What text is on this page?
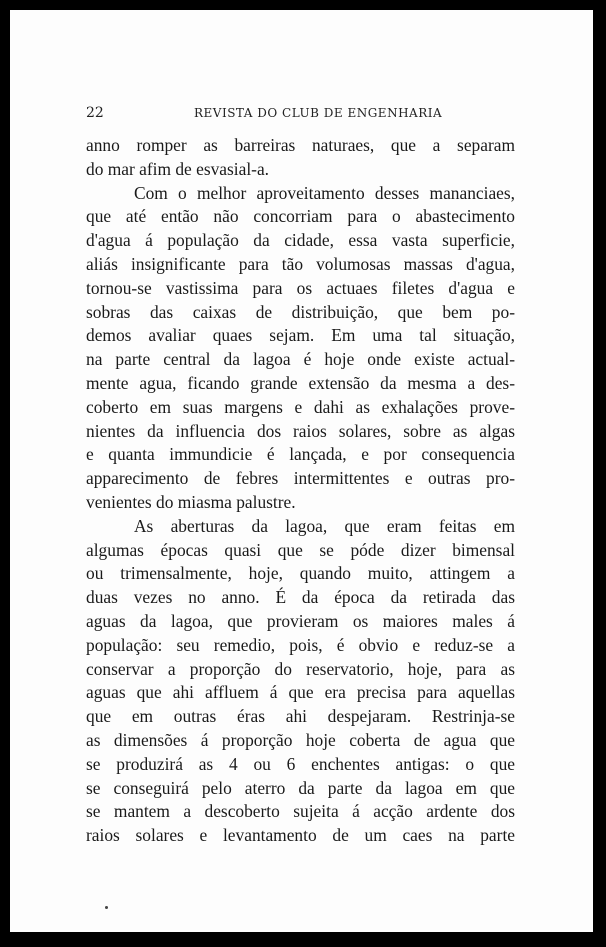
22	REVISTA DO CLUB DE ENGENHARIA
anno romper as barreiras naturaes, que a separam
do mar afim de esvasial-a.
Com o melhor aproveitamento desses mananciaes,
que até então não concorriam para o abastecimento
d'agua á população da cidade, essa vasta superficie,
aliás insignificante para tão volumosas massas d'agua,
tornou-se vastissima para os actuaes filetes d'agua e
sobras das caixas de distribuição, que bem po-
demos avaliar quaes sejam. Em uma tal situação,
na parte central da lagoa é hoje onde existe actual-
mente agua, ficando grande extensão da mesma a des-
coberto em suas margens e dahi as exhalações prove-
nientes da influencia dos raios solares, sobre as algas
e quanta immundicie é lançada, e por consequencia
apparecimento de febres intermittentes e outras pro-
venientes do miasma palustre.
As aberturas da lagoa, que eram feitas em
algumas épocas quasi que se póde dizer bimensal
ou trimensalmente, hoje, quando muito, attingem a
duas vezes no anno. É da época da retirada das
aguas da lagoa, que provieram os maiores males á
população: seu remedio, pois, é obvio e reduz-se a
conservar a proporção do reservatorio, hoje, para as
aguas que ahi affluem á que era precisa para aquellas
que em outras éras ahi despejaram. Restrinja-se
as dimensões á proporção hoje coberta de agua que
se produzirá as 4 ou 6 enchentes antigas: o que
se conseguirá pelo aterro da parte da lagoa em que
se mantem a descoberto sujeita á acção ardente dos
raios solares e levantamento de um caes na parte
